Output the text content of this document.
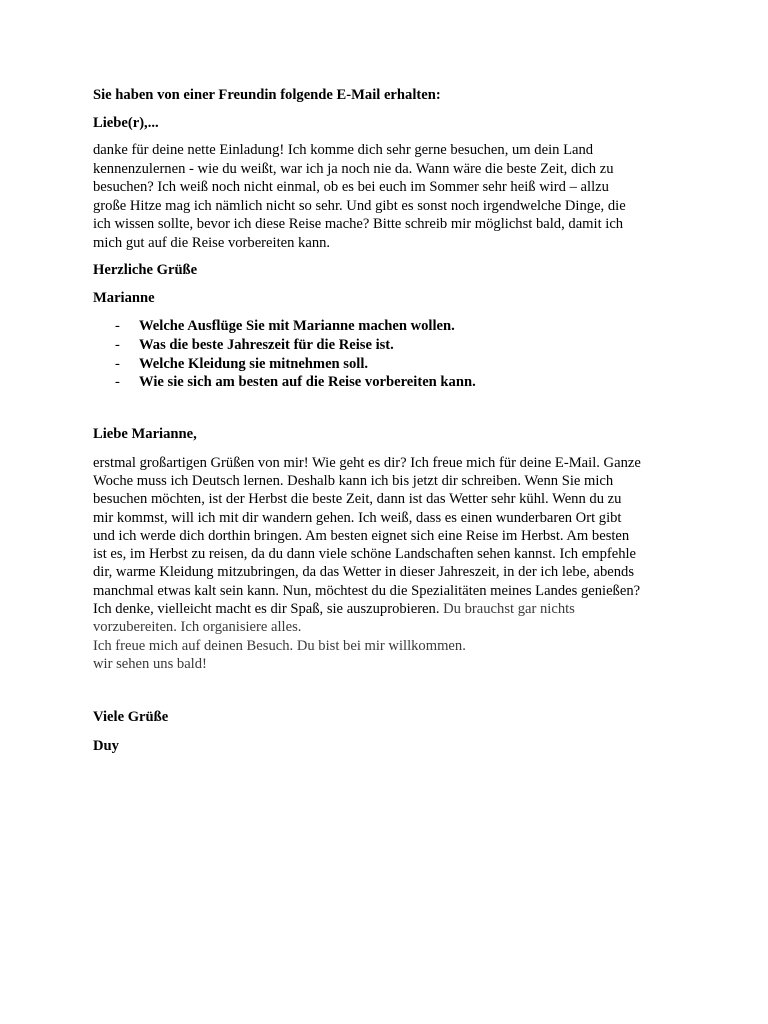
Sie haben von einer Freundin folgende E-Mail erhalten:
Liebe(r),...
danke für deine nette Einladung! Ich komme dich sehr gerne besuchen, um dein Land
kennenzulernen - wie du weißt, war ich ja noch nie da. Wann wäre die beste Zeit, dich zu
besuchen? Ich weiß noch nicht einmal, ob es bei euch im Sommer sehr heiß wird – allzu
große Hitze mag ich nämlich nicht so sehr. Und gibt es sonst noch irgendwelche Dinge, die
ich wissen sollte, bevor ich diese Reise mache? Bitte schreib mir möglichst bald, damit ich
mich gut auf die Reise vorbereiten kann.
Herzliche Grüße
Marianne
- Welche Ausflüge Sie mit Marianne machen wollen.
- Was die beste Jahreszeit für die Reise ist.
- Welche Kleidung sie mitnehmen soll.
- Wie sie sich am besten auf die Reise vorbereiten kann.
Liebe Marianne,
erstmal großartigen Grüßen von mir! Wie geht es dir? Ich freue mich für deine E-Mail. Ganze
Woche muss ich Deutsch lernen. Deshalb kann ich bis jetzt dir schreiben. Wenn Sie mich
besuchen möchten, ist der Herbst die beste Zeit, dann ist das Wetter sehr kühl. Wenn du zu
mir kommst, will ich mit dir wandern gehen. Ich weiß, dass es einen wunderbaren Ort gibt
und ich werde dich dorthin bringen. Am besten eignet sich eine Reise im Herbst. Am besten
ist es, im Herbst zu reisen, da du dann viele schöne Landschaften sehen kannst. Ich empfehle
dir, warme Kleidung mitzubringen, da das Wetter in dieser Jahreszeit, in der ich lebe, abends
manchmal etwas kalt sein kann. Nun, möchtest du die Spezialitäten meines Landes genießen?
Ich denke, vielleicht macht es dir Spaß, sie auszuprobieren. Du brauchst gar nichts
vorzubereiten. Ich organisiere alles.
Ich freue mich auf deinen Besuch. Du bist bei mir willkommen.
wir sehen uns bald!
Viele Grüße
Duy
